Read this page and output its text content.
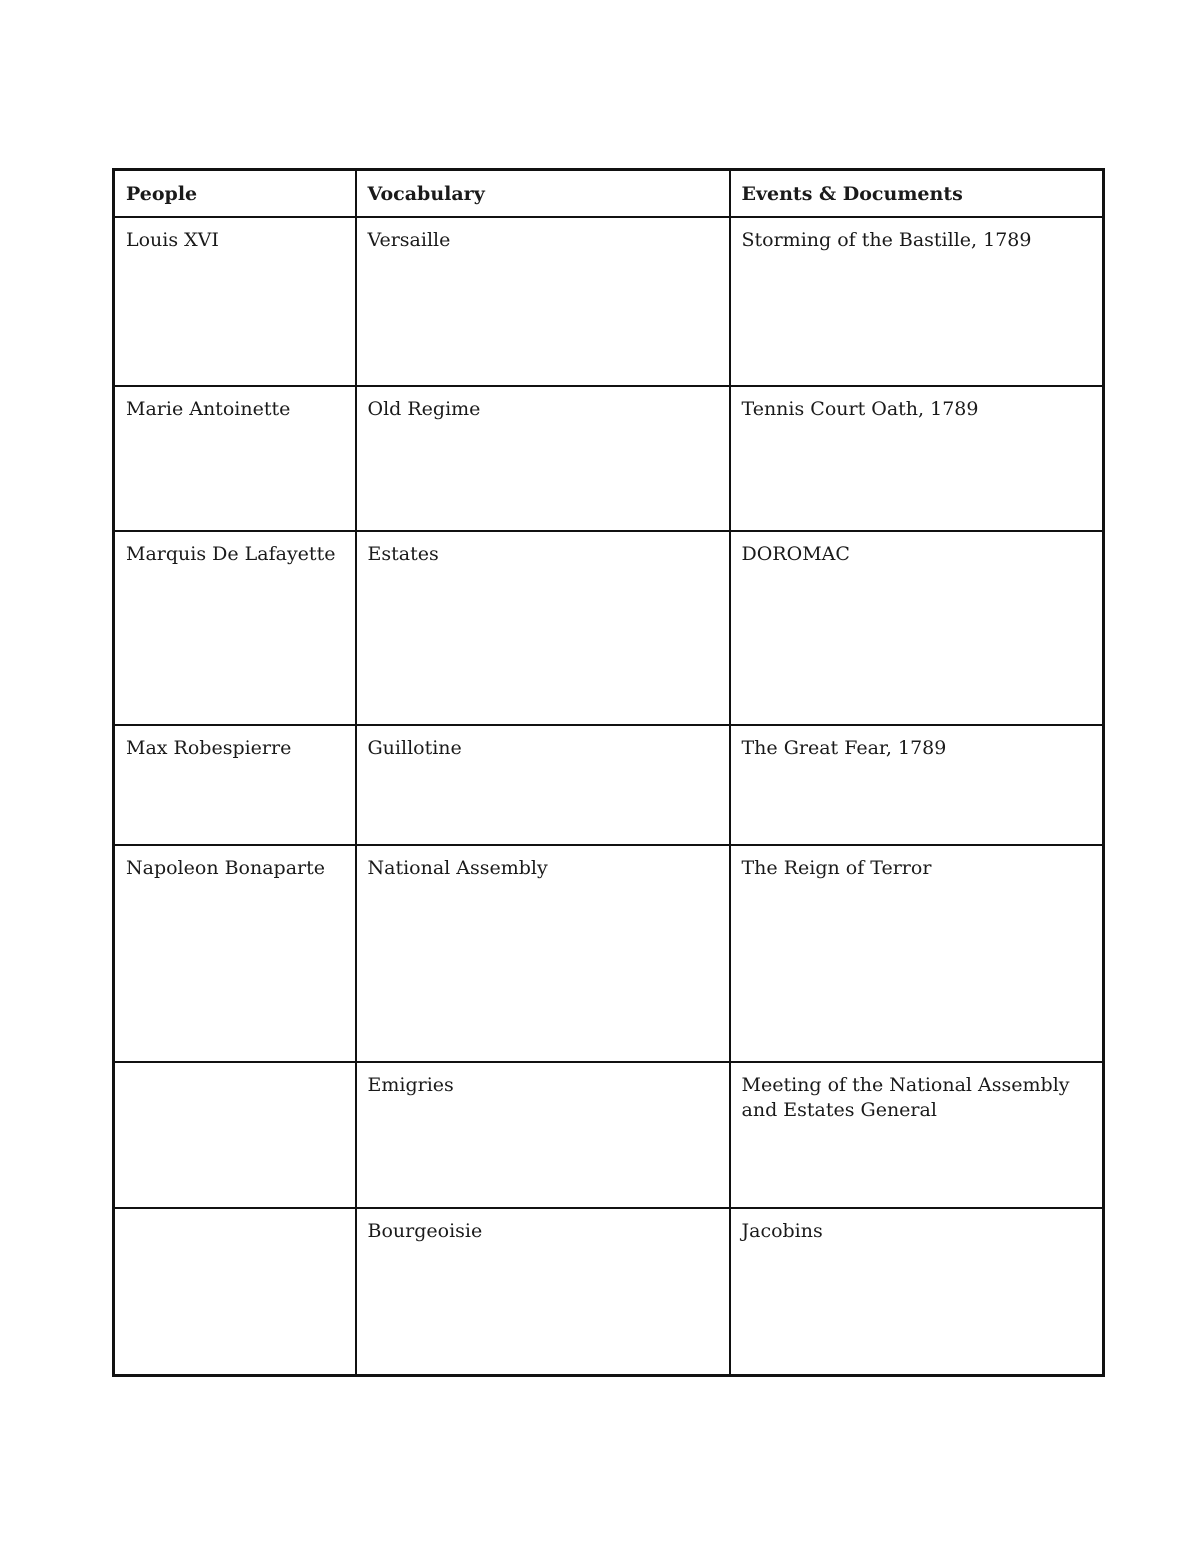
People	Vocabulary	Events & Documents
Louis XVI	Versaille	Storming of the Bastille, 1789
Marie Antoinette	Old Regime	Tennis Court Oath, 1789
Marquis De Lafayette	Estates	DOROMAC
Max Robespierre	Guillotine	The Great Fear, 1789
Napoleon Bonaparte	National Assembly	The Reign of Terror
	Emigries	Meeting of the National Assembly and Estates General
	Bourgeoisie	Jacobins
